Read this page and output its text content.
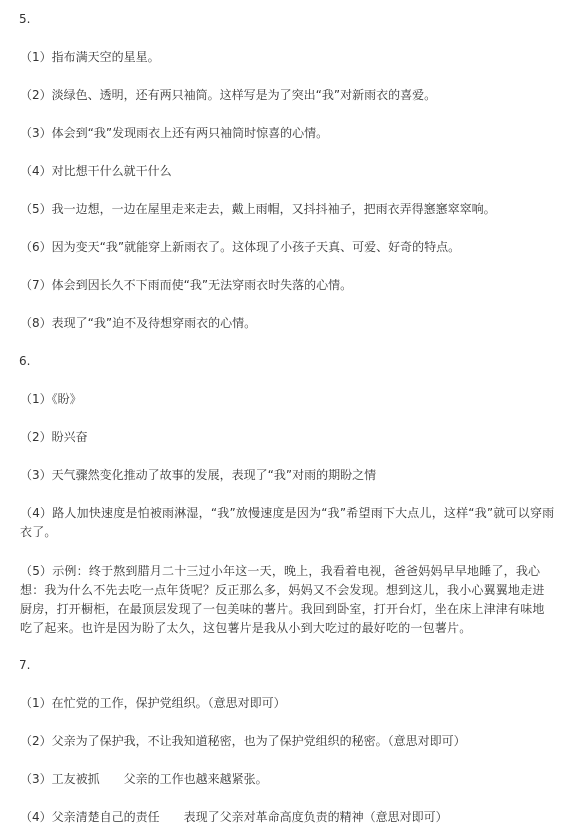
5.
（1）指布满天空的星星。
（2）淡绿色、透明，还有两只袖筒。这样写是为了突出“我”对新雨衣的喜爱。
（3）体会到“我”发现雨衣上还有两只袖筒时惊喜的心情。
（4）对比想干什么就干什么
（5）我一边想，一边在屋里走来走去，戴上雨帽，又抖抖袖子，把雨衣弄得窸窸窣窣响。
（6）因为变天“我”就能穿上新雨衣了。这体现了小孩子天真、可爱、好奇的特点。
（7）体会到因长久不下雨而使“我”无法穿雨衣时失落的心情。
（8）表现了“我”迫不及待想穿雨衣的心情。
6.
（1）《盼》
（2）盼兴奋
（3）天气骤然变化推动了故事的发展，表现了“我”对雨的期盼之情
（4）路人加快速度是怕被雨淋湿，“我”放慢速度是因为“我”希望雨下大点儿，这样“我”就可以穿雨衣了。
（5）示例：终于熬到腊月二十三过小年这一天，晚上，我看着电视，爸爸妈妈早早地睡了，我心想：我为什么不先去吃一点年货呢？反正那么多，妈妈又不会发现。想到这儿，我小心翼翼地走进厨房，打开橱柜，在最顶层发现了一包美味的薯片。我回到卧室，打开台灯，坐在床上津津有味地吃了起来。也许是因为盼了太久，这包薯片是我从小到大吃过的最好吃的一包薯片。
7.
（1）在忙党的工作，保护党组织。（意思对即可）
（2）父亲为了保护我，不让我知道秘密，也为了保护党组织的秘密。（意思对即可）
（3）工友被抓　　父亲的工作也越来越紧张。
（4）父亲清楚自己的责任　　表现了父亲对革命高度负责的精神（意思对即可）
